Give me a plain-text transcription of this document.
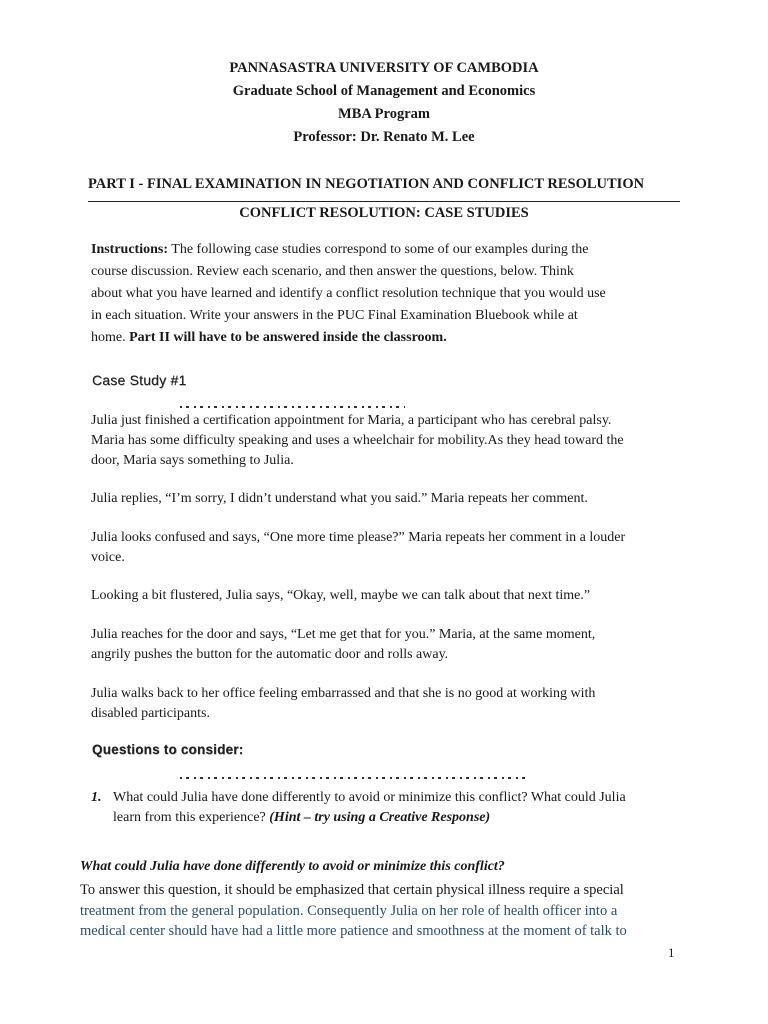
PANNASASTRA UNIVERSITY OF CAMBODIA
Graduate School of Management and Economics
MBA Program
Professor: Dr. Renato M. Lee
PART I - FINAL EXAMINATION IN NEGOTIATION AND CONFLICT RESOLUTION
CONFLICT RESOLUTION: CASE STUDIES
Instructions: The following case studies correspond to some of our examples during the
course discussion. Review each scenario, and then answer the questions, below. Think
about what you have learned and identify a conflict resolution technique that you would use
in each situation. Write your answers in the PUC Final Examination Bluebook while at
home. Part II will have to be answered inside the classroom.
Case Study #1
Julia just finished a certification appointment for Maria, a participant who has cerebral palsy.
Maria has some difficulty speaking and uses a wheelchair for mobility.As they head toward the
door, Maria says something to Julia.
Julia replies, “I’m sorry, I didn’t understand what you said.” Maria repeats her comment.
Julia looks confused and says, “One more time please?” Maria repeats her comment in a louder
voice.
Looking a bit flustered, Julia says, “Okay, well, maybe we can talk about that next time.”
Julia reaches for the door and says, “Let me get that for you.” Maria, at the same moment,
angrily pushes the button for the automatic door and rolls away.
Julia walks back to her office feeling embarrassed and that she is no good at working with
disabled participants.
Questions to consider:
1. What could Julia have done differently to avoid or minimize this conflict? What could Julia
learn from this experience? (Hint – try using a Creative Response)
What could Julia have done differently to avoid or minimize this conflict?
To answer this question, it should be emphasized that certain physical illness require a special
treatment from the general population. Consequently Julia on her role of health officer into a
medical center should have had a little more patience and smoothness at the moment of talk to
1
